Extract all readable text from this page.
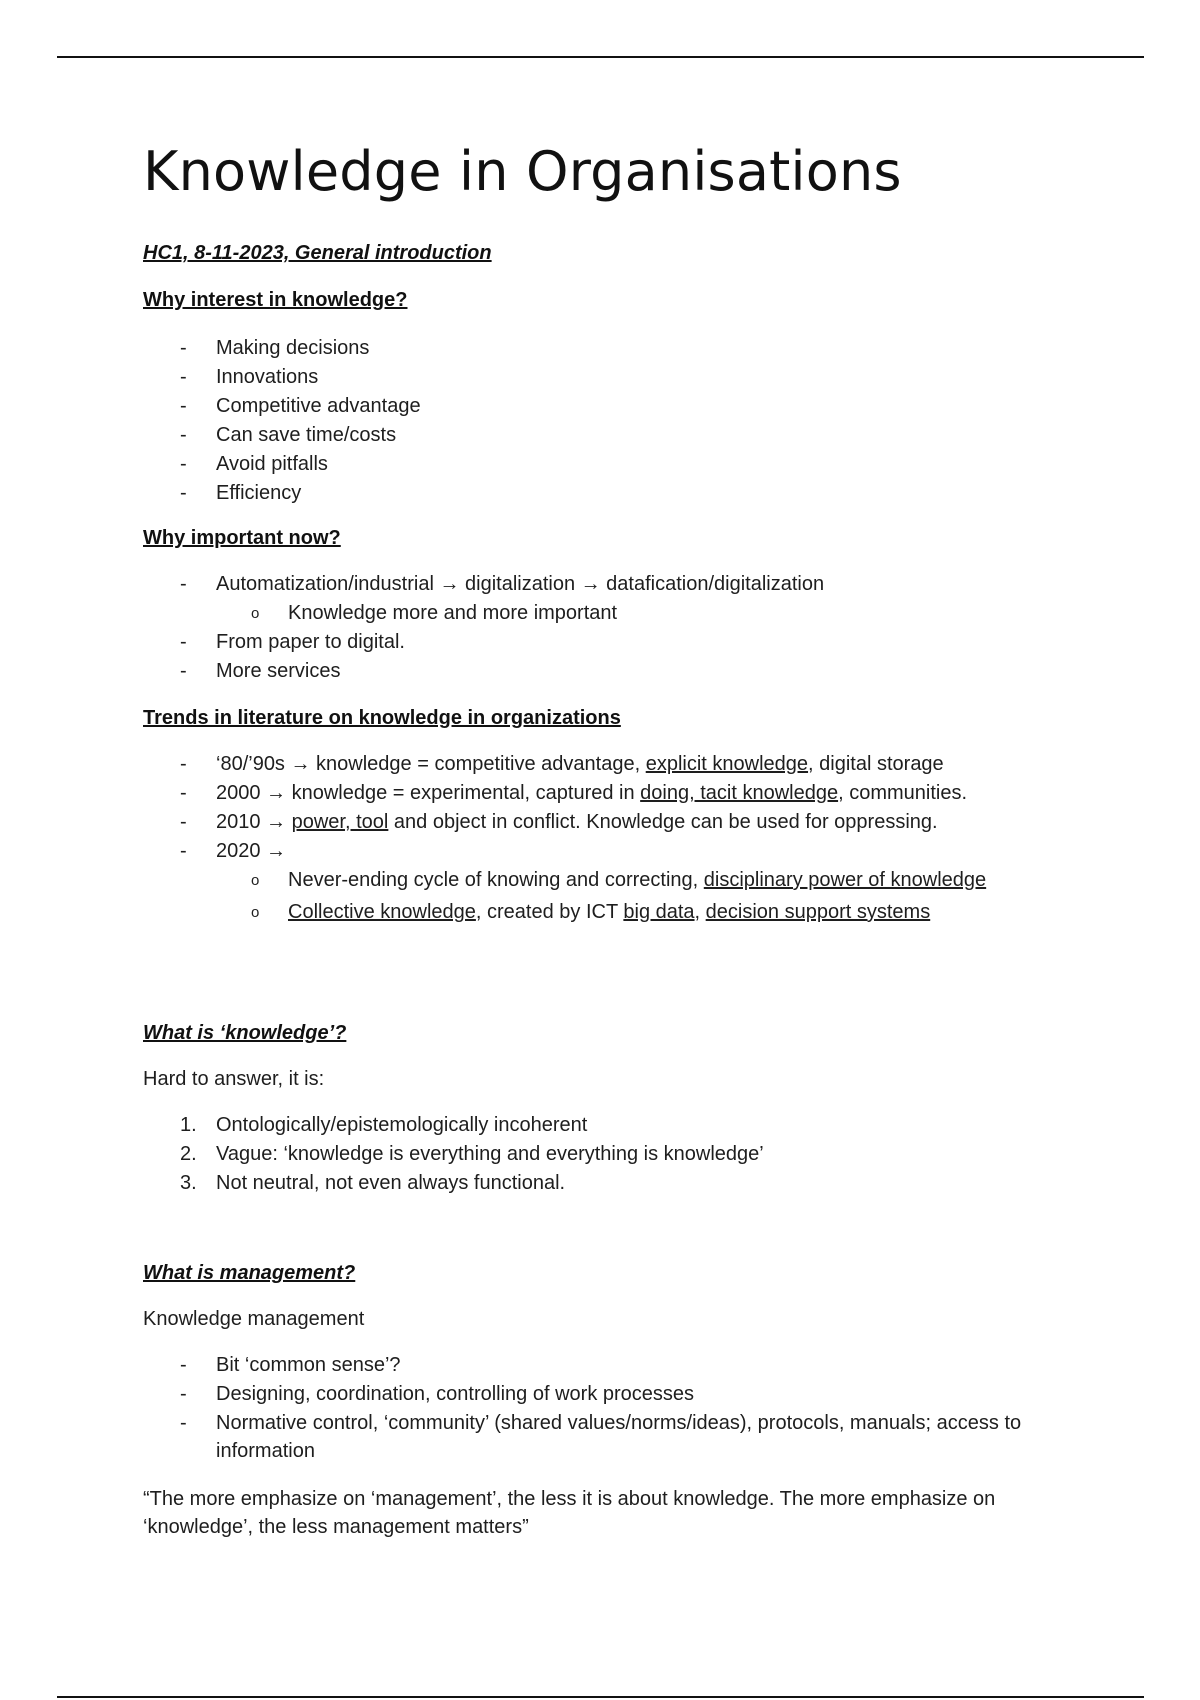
Knowledge in Organisations
HC1, 8-11-2023, General introduction
Why interest in knowledge?
-	Making decisions
-	Innovations
-	Competitive advantage
-	Can save time/costs
-	Avoid pitfalls
-	Efficiency
Why important now?
-	Automatization/industrial → digitalization → datafication/digitalization
o	Knowledge more and more important
-	From paper to digital.
-	More services
Trends in literature on knowledge in organizations
-	‘80/’90s → knowledge = competitive advantage, explicit knowledge, digital storage
-	2000 → knowledge = experimental, captured in doing, tacit knowledge, communities.
-	2010 → power, tool and object in conflict. Knowledge can be used for oppressing.
-	2020 →
o	Never-ending cycle of knowing and correcting, disciplinary power of knowledge
o	Collective knowledge, created by ICT big data, decision support systems
What is ‘knowledge’?
Hard to answer, it is:
1. Ontologically/epistemologically incoherent
2. Vague: ‘knowledge is everything and everything is knowledge’
3. Not neutral, not even always functional.
What is management?
Knowledge management
-	Bit ‘common sense’?
-	Designing, coordination, controlling of work processes
-	Normative control, ‘community’ (shared values/norms/ideas), protocols, manuals; access to information
“The more emphasize on ‘management’, the less it is about knowledge. The more emphasize on ‘knowledge’, the less management matters”
